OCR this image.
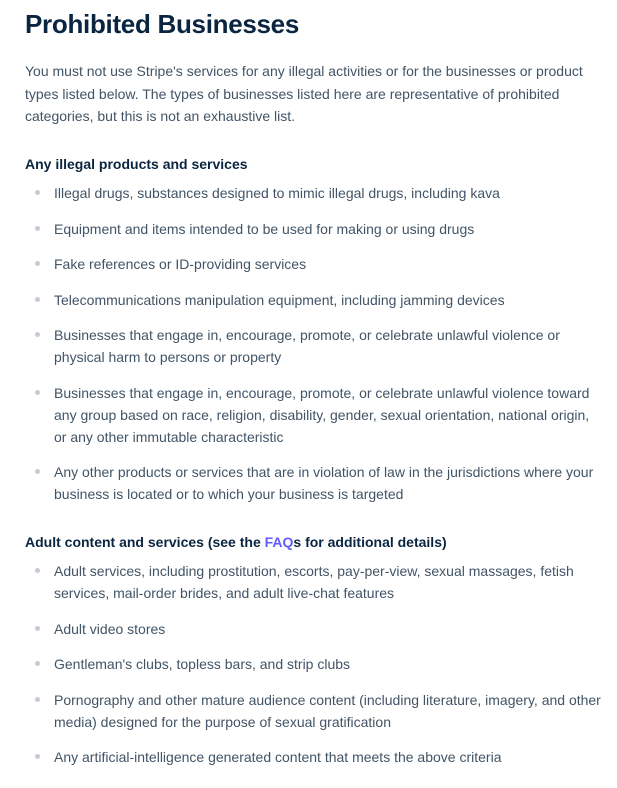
Prohibited Businesses

You must not use Stripe's services for any illegal activities or for the businesses or product types listed below. The types of businesses listed here are representative of prohibited categories, but this is not an exhaustive list.

Any illegal products and services
Illegal drugs, substances designed to mimic illegal drugs, including kava
Equipment and items intended to be used for making or using drugs
Fake references or ID-providing services
Telecommunications manipulation equipment, including jamming devices
Businesses that engage in, encourage, promote, or celebrate unlawful violence or physical harm to persons or property
Businesses that engage in, encourage, promote, or celebrate unlawful violence toward any group based on race, religion, disability, gender, sexual orientation, national origin, or any other immutable characteristic
Any other products or services that are in violation of law in the jurisdictions where your business is located or to which your business is targeted
Adult content and services (see the FAQs for additional details)
Adult services, including prostitution, escorts, pay-per-view, sexual massages, fetish services, mail-order brides, and adult live-chat features
Adult video stores
Gentleman's clubs, topless bars, and strip clubs
Pornography and other mature audience content (including literature, imagery, and other media) designed for the purpose of sexual gratification
Any artificial-intelligence generated content that meets the above criteria
